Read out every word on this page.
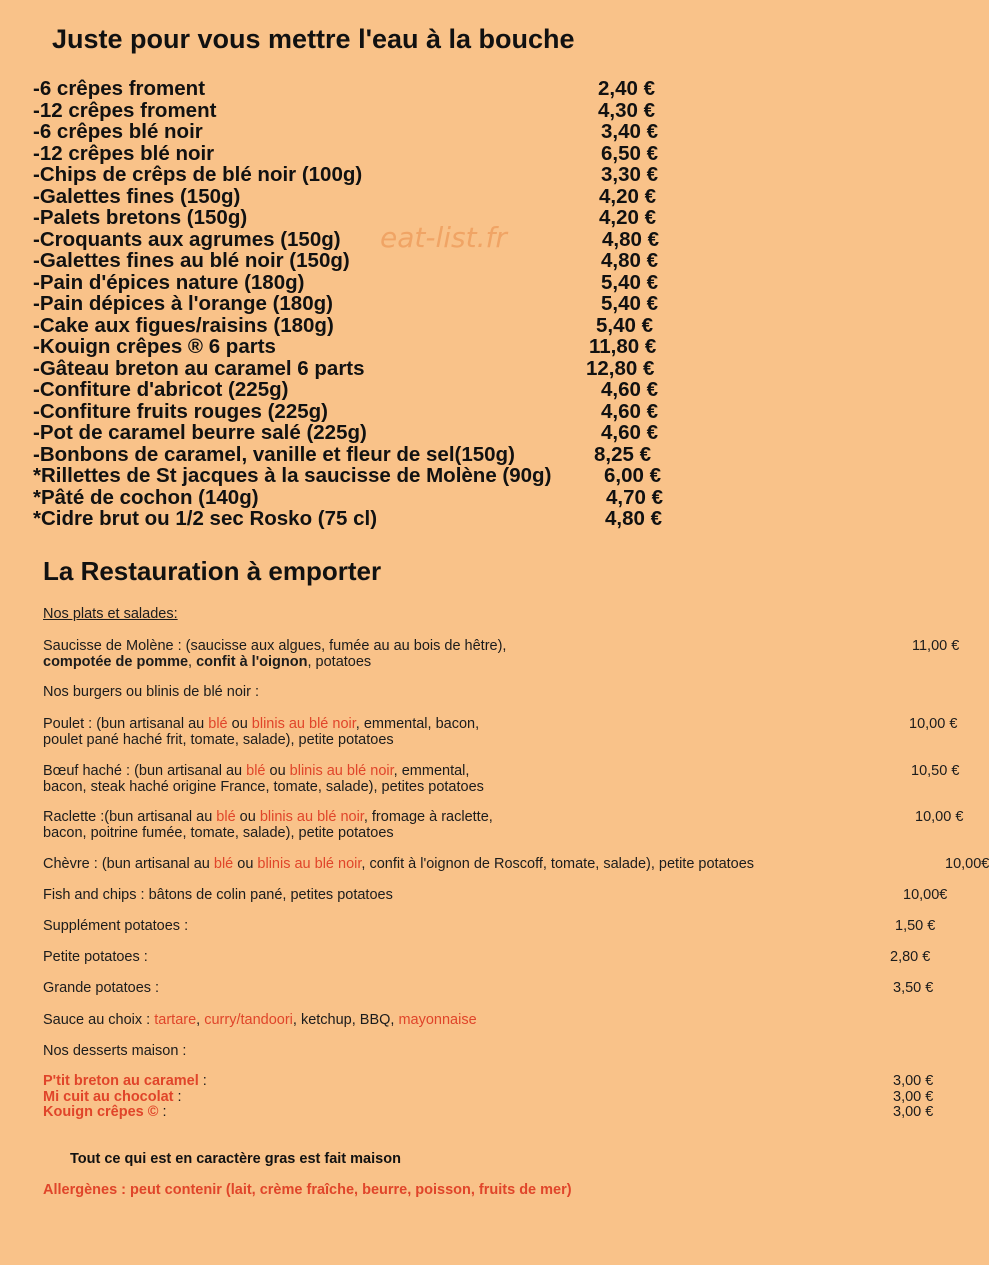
Juste pour vous mettre l'eau à la bouche
-6 crêpes froment	2,40 €
-12 crêpes froment	4,30 €
-6 crêpes blé noir	3,40 €
-12 crêpes blé noir	6,50 €
-Chips de crêps de blé noir (100g)	3,30 €
-Galettes fines (150g)	4,20 €
-Palets bretons (150g)	4,20 €
-Croquants aux agrumes (150g)	4,80 €
-Galettes fines au blé noir (150g)	4,80 €
-Pain d'épices nature (180g)	5,40 €
-Pain dépices à l'orange (180g)	5,40 €
-Cake aux figues/raisins (180g)	5,40 €
-Kouign crêpes ® 6 parts	11,80 €
-Gâteau breton au caramel 6 parts	12,80 €
-Confiture d'abricot (225g)	4,60 €
-Confiture fruits rouges (225g)	4,60 €
-Pot de caramel beurre salé (225g)	4,60 €
-Bonbons de caramel, vanille et fleur de sel(150g)	8,25 €
*Rillettes de St jacques à la saucisse de Molène (90g)	6,00 €
*Pâté de cochon (140g)	4,70 €
*Cidre brut ou 1/2 sec Rosko (75 cl)	4,80 €
eat-list.fr
La Restauration à emporter
Nos plats et salades:
Saucisse de Molène : (saucisse aux algues, fumée au au bois de hêtre),
compotée de pomme, confit à l'oignon, potatoes
11,00 €
Nos burgers ou blinis de blé noir :
Poulet : (bun artisanal au blé ou blinis au blé noir, emmental, bacon,
poulet pané haché frit, tomate, salade), petite potatoes
10,00 €
Bœuf haché : (bun artisanal au blé ou blinis au blé noir, emmental,
bacon, steak haché origine France, tomate, salade), petites potatoes
10,50 €
Raclette :(bun artisanal au blé ou blinis au blé noir, fromage à raclette,
bacon, poitrine fumée, tomate, salade), petite potatoes
10,00 €
Chèvre : (bun artisanal au blé ou blinis au blé noir, confit à l'oignon de Roscoff, tomate, salade), petite potatoes	10,00€
Fish and chips : bâtons de colin pané, petites potatoes	10,00€
Supplément potatoes :	1,50 €
Petite potatoes :	2,80 €
Grande potatoes :	3,50 €
Sauce au choix : tartare, curry/tandoori, ketchup, BBQ, mayonnaise
Nos desserts maison :
P'tit breton au caramel :	3,00 €
Mi cuit au chocolat :	3,00 €
Kouign crêpes © :	3,00 €
Tout ce qui est en caractère gras est fait maison
Allergènes : peut contenir (lait, crème fraîche, beurre, poisson, fruits de mer)
